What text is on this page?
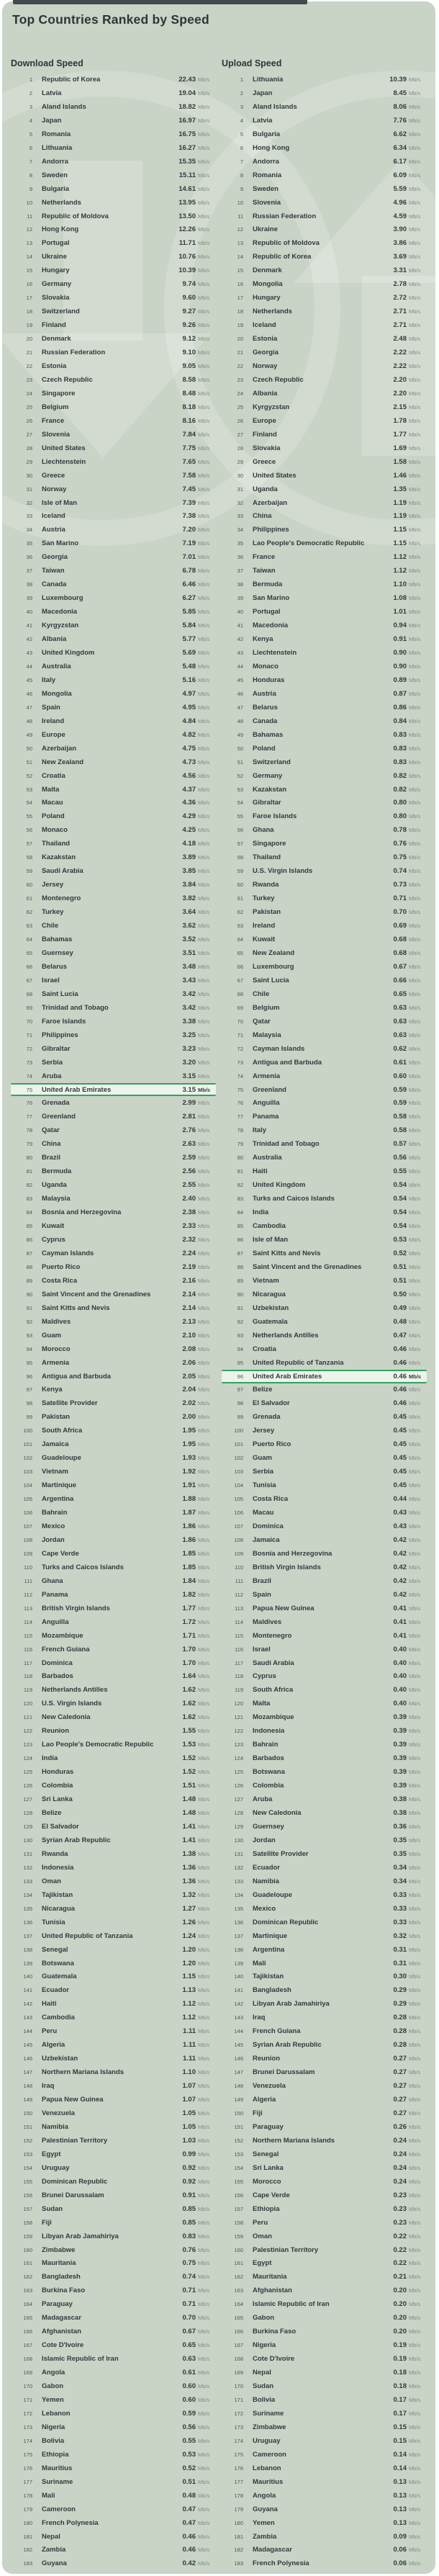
Top Countries Ranked by Speed
Download Speed
1 Republic of Korea	22.43 Mb/s
2 Latvia	19.04 Mb/s
3 Aland Islands	18.82 Mb/s
4 Japan	16.97 Mb/s
5 Romania	16.75 Mb/s
6 Lithuania	16.27 Mb/s
7 Andorra	15.35 Mb/s
8 Sweden	15.11 Mb/s
9 Bulgaria	14.61 Mb/s
10 Netherlands	13.95 Mb/s
11 Republic of Moldova	13.50 Mb/s
12 Hong Kong	12.26 Mb/s
13 Portugal	11.71 Mb/s
14 Ukraine	10.76 Mb/s
15 Hungary	10.39 Mb/s
16 Germany	9.74 Mb/s
17 Slovakia	9.60 Mb/s
18 Switzerland	9.27 Mb/s
19 Finland	9.26 Mb/s
20 Denmark	9.12 Mb/s
21 Russian Federation	9.10 Mb/s
22 Estonia	9.05 Mb/s
23 Czech Republic	8.58 Mb/s
24 Singapore	8.48 Mb/s
25 Belgium	8.18 Mb/s
26 France	8.16 Mb/s
27 Slovenia	7.84 Mb/s
28 United States	7.75 Mb/s
29 Liechtenstein	7.65 Mb/s
30 Greece	7.58 Mb/s
31 Norway	7.45 Mb/s
32 Isle of Man	7.39 Mb/s
33 Iceland	7.38 Mb/s
34 Austria	7.20 Mb/s
35 San Marino	7.19 Mb/s
36 Georgia	7.01 Mb/s
37 Taiwan	6.78 Mb/s
38 Canada	6.46 Mb/s
39 Luxembourg	6.27 Mb/s
40 Macedonia	5.85 Mb/s
41 Kyrgyzstan	5.84 Mb/s
42 Albania	5.77 Mb/s
43 United Kingdom	5.69 Mb/s
44 Australia	5.48 Mb/s
45 Italy	5.16 Mb/s
46 Mongolia	4.97 Mb/s
47 Spain	4.95 Mb/s
48 Ireland	4.84 Mb/s
49 Europe	4.82 Mb/s
50 Azerbaijan	4.75 Mb/s
51 New Zealand	4.73 Mb/s
52 Croatia	4.56 Mb/s
53 Malta	4.37 Mb/s
54 Macau	4.36 Mb/s
55 Poland	4.29 Mb/s
56 Monaco	4.25 Mb/s
57 Thailand	4.18 Mb/s
58 Kazakstan	3.89 Mb/s
59 Saudi Arabia	3.85 Mb/s
60 Jersey	3.84 Mb/s
61 Montenegro	3.82 Mb/s
62 Turkey	3.64 Mb/s
63 Chile	3.62 Mb/s
64 Bahamas	3.52 Mb/s
65 Guernsey	3.51 Mb/s
66 Belarus	3.48 Mb/s
67 Israel	3.43 Mb/s
68 Saint Lucia	3.42 Mb/s
69 Trinidad and Tobago	3.42 Mb/s
70 Faroe Islands	3.38 Mb/s
71 Philippines	3.25 Mb/s
72 Gibraltar	3.23 Mb/s
73 Serbia	3.20 Mb/s
74 Aruba	3.15 Mb/s
75 United Arab Emirates	3.15 Mb/s
76 Grenada	2.99 Mb/s
77 Greenland	2.81 Mb/s
78 Qatar	2.76 Mb/s
79 China	2.63 Mb/s
80 Brazil	2.59 Mb/s
81 Bermuda	2.56 Mb/s
82 Uganda	2.55 Mb/s
83 Malaysia	2.40 Mb/s
84 Bosnia and Herzegovina	2.38 Mb/s
85 Kuwait	2.33 Mb/s
86 Cyprus	2.32 Mb/s
87 Cayman Islands	2.24 Mb/s
88 Puerto Rico	2.19 Mb/s
89 Costa Rica	2.16 Mb/s
90 Saint Vincent and the Grenadines	2.14 Mb/s
91 Saint Kitts and Nevis	2.14 Mb/s
92 Maldives	2.13 Mb/s
93 Guam	2.10 Mb/s
94 Morocco	2.08 Mb/s
95 Armenia	2.06 Mb/s
96 Antigua and Barbuda	2.05 Mb/s
97 Kenya	2.04 Mb/s
98 Satellite Provider	2.02 Mb/s
99 Pakistan	2.00 Mb/s
100 South Africa	1.95 Mb/s
101 Jamaica	1.95 Mb/s
102 Guadeloupe	1.93 Mb/s
103 Vietnam	1.92 Mb/s
104 Martinique	1.91 Mb/s
105 Argentina	1.88 Mb/s
106 Bahrain	1.87 Mb/s
107 Mexico	1.86 Mb/s
108 Jordan	1.86 Mb/s
109 Cape Verde	1.85 Mb/s
110 Turks and Caicos Islands	1.85 Mb/s
111 Ghana	1.84 Mb/s
112 Panama	1.82 Mb/s
113 British Virgin Islands	1.77 Mb/s
114 Anguilla	1.72 Mb/s
115 Mozambique	1.71 Mb/s
116 French Guiana	1.70 Mb/s
117 Dominica	1.70 Mb/s
118 Barbados	1.64 Mb/s
119 Netherlands Antilles	1.62 Mb/s
120 U.S. Virgin Islands	1.62 Mb/s
121 New Caledonia	1.62 Mb/s
122 Reunion	1.55 Mb/s
123 Lao People's Democratic Republic	1.53 Mb/s
124 India	1.52 Mb/s
125 Honduras	1.52 Mb/s
126 Colombia	1.51 Mb/s
127 Sri Lanka	1.48 Mb/s
128 Belize	1.48 Mb/s
129 El Salvador	1.41 Mb/s
130 Syrian Arab Republic	1.41 Mb/s
131 Rwanda	1.38 Mb/s
132 Indonesia	1.36 Mb/s
133 Oman	1.36 Mb/s
134 Tajikistan	1.32 Mb/s
135 Nicaragua	1.27 Mb/s
136 Tunisia	1.26 Mb/s
137 United Republic of Tanzania	1.24 Mb/s
138 Senegal	1.20 Mb/s
139 Botswana	1.20 Mb/s
140 Guatemala	1.15 Mb/s
141 Ecuador	1.13 Mb/s
142 Haiti	1.12 Mb/s
143 Cambodia	1.12 Mb/s
144 Peru	1.11 Mb/s
145 Algeria	1.11 Mb/s
146 Uzbekistan	1.11 Mb/s
147 Northern Mariana Islands	1.10 Mb/s
148 Iraq	1.07 Mb/s
149 Papua New Guinea	1.07 Mb/s
150 Venezuela	1.05 Mb/s
151 Namibia	1.05 Mb/s
152 Palestinian Territory	1.03 Mb/s
153 Egypt	0.99 Mb/s
154 Uruguay	0.92 Mb/s
155 Dominican Republic	0.92 Mb/s
156 Brunei Darussalam	0.91 Mb/s
157 Sudan	0.85 Mb/s
158 Fiji	0.85 Mb/s
159 Libyan Arab Jamahiriya	0.83 Mb/s
160 Zimbabwe	0.76 Mb/s
161 Mauritania	0.75 Mb/s
162 Bangladesh	0.74 Mb/s
163 Burkina Faso	0.71 Mb/s
164 Paraguay	0.71 Mb/s
165 Madagascar	0.70 Mb/s
166 Afghanistan	0.67 Mb/s
167 Cote D'Ivoire	0.65 Mb/s
168 Islamic Republic of Iran	0.63 Mb/s
169 Angola	0.61 Mb/s
170 Gabon	0.60 Mb/s
171 Yemen	0.60 Mb/s
172 Lebanon	0.59 Mb/s
173 Nigeria	0.56 Mb/s
174 Bolivia	0.55 Mb/s
175 Ethiopia	0.53 Mb/s
176 Mauritius	0.52 Mb/s
177 Suriname	0.51 Mb/s
178 Mali	0.48 Mb/s
179 Cameroon	0.47 Mb/s
180 French Polynesia	0.47 Mb/s
181 Nepal	0.46 Mb/s
182 Zambia	0.46 Mb/s
183 Guyana	0.42 Mb/s
Upload Speed
1 Lithuania	10.39 Mb/s
2 Japan	8.45 Mb/s
3 Aland Islands	8.06 Mb/s
4 Latvia	7.76 Mb/s
5 Bulgaria	6.62 Mb/s
6 Hong Kong	6.34 Mb/s
7 Andorra	6.17 Mb/s
8 Romania	6.09 Mb/s
9 Sweden	5.59 Mb/s
10 Slovenia	4.96 Mb/s
11 Russian Federation	4.59 Mb/s
12 Ukraine	3.90 Mb/s
13 Republic of Moldova	3.86 Mb/s
14 Republic of Korea	3.69 Mb/s
15 Denmark	3.31 Mb/s
16 Mongolia	2.78 Mb/s
17 Hungary	2.72 Mb/s
18 Netherlands	2.71 Mb/s
19 Iceland	2.71 Mb/s
20 Estonia	2.48 Mb/s
21 Georgia	2.22 Mb/s
22 Norway	2.22 Mb/s
23 Czech Republic	2.20 Mb/s
24 Albania	2.20 Mb/s
25 Kyrgyzstan	2.15 Mb/s
26 Europe	1.78 Mb/s
27 Finland	1.77 Mb/s
28 Slovakia	1.69 Mb/s
29 Greece	1.58 Mb/s
30 United States	1.46 Mb/s
31 Uganda	1.35 Mb/s
32 Azerbaijan	1.19 Mb/s
33 China	1.19 Mb/s
34 Philippines	1.15 Mb/s
35 Lao People's Democratic Republic	1.15 Mb/s
36 France	1.12 Mb/s
37 Taiwan	1.12 Mb/s
38 Bermuda	1.10 Mb/s
39 San Marino	1.08 Mb/s
40 Portugal	1.01 Mb/s
41 Macedonia	0.94 Mb/s
42 Kenya	0.91 Mb/s
43 Liechtenstein	0.90 Mb/s
44 Monaco	0.90 Mb/s
45 Honduras	0.89 Mb/s
46 Austria	0.87 Mb/s
47 Belarus	0.86 Mb/s
48 Canada	0.84 Mb/s
49 Bahamas	0.83 Mb/s
50 Poland	0.83 Mb/s
51 Switzerland	0.83 Mb/s
52 Germany	0.82 Mb/s
53 Kazakstan	0.82 Mb/s
54 Gibraltar	0.80 Mb/s
55 Faroe Islands	0.80 Mb/s
56 Ghana	0.78 Mb/s
57 Singapore	0.76 Mb/s
58 Thailand	0.75 Mb/s
59 U.S. Virgin Islands	0.74 Mb/s
60 Rwanda	0.73 Mb/s
61 Turkey	0.71 Mb/s
62 Pakistan	0.70 Mb/s
63 Ireland	0.69 Mb/s
64 Kuwait	0.68 Mb/s
65 New Zealand	0.68 Mb/s
66 Luxembourg	0.67 Mb/s
67 Saint Lucia	0.66 Mb/s
68 Chile	0.65 Mb/s
69 Belgium	0.63 Mb/s
70 Qatar	0.63 Mb/s
71 Malaysia	0.63 Mb/s
72 Cayman Islands	0.62 Mb/s
73 Antigua and Barbuda	0.61 Mb/s
74 Armenia	0.60 Mb/s
75 Greenland	0.59 Mb/s
76 Anguilla	0.59 Mb/s
77 Panama	0.58 Mb/s
78 Italy	0.58 Mb/s
79 Trinidad and Tobago	0.57 Mb/s
80 Australia	0.56 Mb/s
81 Haiti	0.55 Mb/s
82 United Kingdom	0.54 Mb/s
83 Turks and Caicos Islands	0.54 Mb/s
84 India	0.54 Mb/s
85 Cambodia	0.54 Mb/s
86 Isle of Man	0.53 Mb/s
87 Saint Kitts and Nevis	0.52 Mb/s
88 Saint Vincent and the Grenadines	0.51 Mb/s
89 Vietnam	0.51 Mb/s
90 Nicaragua	0.50 Mb/s
91 Uzbekistan	0.49 Mb/s
92 Guatemala	0.48 Mb/s
93 Netherlands Antilles	0.47 Mb/s
94 Croatia	0.46 Mb/s
95 United Republic of Tanzania	0.46 Mb/s
96 United Arab Emirates	0.46 Mb/s
97 Belize	0.46 Mb/s
98 El Salvador	0.46 Mb/s
99 Grenada	0.45 Mb/s
100 Jersey	0.45 Mb/s
101 Puerto Rico	0.45 Mb/s
102 Guam	0.45 Mb/s
103 Serbia	0.45 Mb/s
104 Tunisia	0.45 Mb/s
105 Costa Rica	0.44 Mb/s
106 Macau	0.43 Mb/s
107 Dominica	0.43 Mb/s
108 Jamaica	0.42 Mb/s
109 Bosnia and Herzegovina	0.42 Mb/s
110 British Virgin Islands	0.42 Mb/s
111 Brazil	0.42 Mb/s
112 Spain	0.42 Mb/s
113 Papua New Guinea	0.41 Mb/s
114 Maldives	0.41 Mb/s
115 Montenegro	0.41 Mb/s
116 Israel	0.40 Mb/s
117 Saudi Arabia	0.40 Mb/s
118 Cyprus	0.40 Mb/s
119 South Africa	0.40 Mb/s
120 Malta	0.40 Mb/s
121 Mozambique	0.39 Mb/s
122 Indonesia	0.39 Mb/s
123 Bahrain	0.39 Mb/s
124 Barbados	0.39 Mb/s
125 Botswana	0.39 Mb/s
126 Colombia	0.39 Mb/s
127 Aruba	0.38 Mb/s
128 New Caledonia	0.38 Mb/s
129 Guernsey	0.36 Mb/s
130 Jordan	0.35 Mb/s
131 Satellite Provider	0.35 Mb/s
132 Ecuador	0.34 Mb/s
133 Namibia	0.34 Mb/s
134 Guadeloupe	0.33 Mb/s
135 Mexico	0.33 Mb/s
136 Dominican Republic	0.33 Mb/s
137 Martinique	0.32 Mb/s
138 Argentina	0.31 Mb/s
139 Mali	0.31 Mb/s
140 Tajikistan	0.30 Mb/s
141 Bangladesh	0.29 Mb/s
142 Libyan Arab Jamahiriya	0.29 Mb/s
143 Iraq	0.28 Mb/s
144 French Guiana	0.28 Mb/s
145 Syrian Arab Republic	0.28 Mb/s
146 Reunion	0.27 Mb/s
147 Brunei Darussalam	0.27 Mb/s
148 Venezuela	0.27 Mb/s
149 Algeria	0.27 Mb/s
150 Fiji	0.27 Mb/s
151 Paraguay	0.26 Mb/s
152 Northern Mariana Islands	0.24 Mb/s
153 Senegal	0.24 Mb/s
154 Sri Lanka	0.24 Mb/s
155 Morocco	0.24 Mb/s
156 Cape Verde	0.23 Mb/s
157 Ethiopia	0.23 Mb/s
158 Peru	0.23 Mb/s
159 Oman	0.22 Mb/s
160 Palestinian Territory	0.22 Mb/s
161 Egypt	0.22 Mb/s
162 Mauritania	0.21 Mb/s
163 Afghanistan	0.20 Mb/s
164 Islamic Republic of Iran	0.20 Mb/s
165 Gabon	0.20 Mb/s
166 Burkina Faso	0.20 Mb/s
167 Nigeria	0.19 Mb/s
168 Cote D'Ivoire	0.19 Mb/s
169 Nepal	0.18 Mb/s
170 Sudan	0.18 Mb/s
171 Bolivia	0.17 Mb/s
172 Suriname	0.17 Mb/s
173 Zimbabwe	0.15 Mb/s
174 Uruguay	0.15 Mb/s
175 Cameroon	0.14 Mb/s
176 Lebanon	0.14 Mb/s
177 Mauritius	0.13 Mb/s
178 Angola	0.13 Mb/s
179 Guyana	0.13 Mb/s
180 Yemen	0.13 Mb/s
181 Zambia	0.09 Mb/s
182 Madagascar	0.06 Mb/s
183 French Polynesia	0.06 Mb/s
